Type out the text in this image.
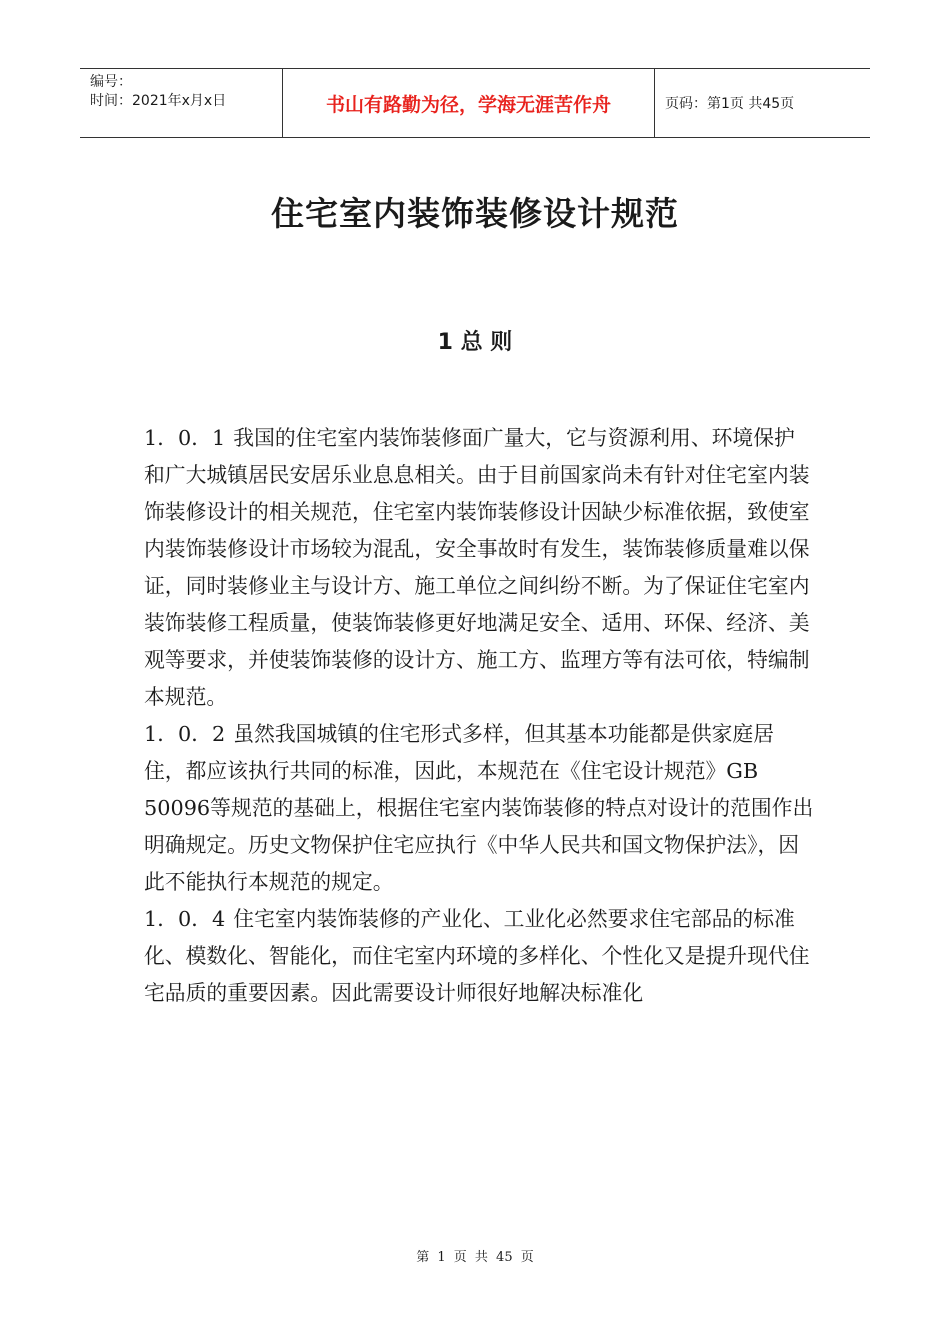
编号：
时间：2021年x月x日	书山有路勤为径，学海无涯苦作舟	页码：第1页 共45页
住宅室内装饰装修设计规范
1 总 则

1．0．1 我国的住宅室内装饰装修面广量大，它与资源利用、环境保护和广大城镇居民安居乐业息息相关。由于目前国家尚未有针对住宅室内装饰装修设计的相关规范，住宅室内装饰装修设计因缺少标准依据，致使室内装饰装修设计市场较为混乱，安全事故时有发生，装饰装修质量难以保证，同时装修业主与设计方、施工单位之间纠纷不断。为了保证住宅室内装饰装修工程质量，使装饰装修更好地满足安全、适用、环保、经济、美观等要求，并使装饰装修的设计方、施工方、监理方等有法可依，特编制本规范。

1．0．2 虽然我国城镇的住宅形式多样，但其基本功能都是供家庭居住，都应该执行共同的标准，因此，本规范在《住宅设计规范》GB 50096等规范的基础上，根据住宅室内装饰装修的特点对设计的范围作出明确规定。历史文物保护住宅应执行《中华人民共和国文物保护法》，因此不能执行本规范的规定。

1．0．4 住宅室内装饰装修的产业化、工业化必然要求住宅部品的标准化、模数化、智能化，而住宅室内环境的多样化、个性化又是提升现代住宅品质的重要因素。因此需要设计师很好地解决标准化

第 1 页 共 45 页
